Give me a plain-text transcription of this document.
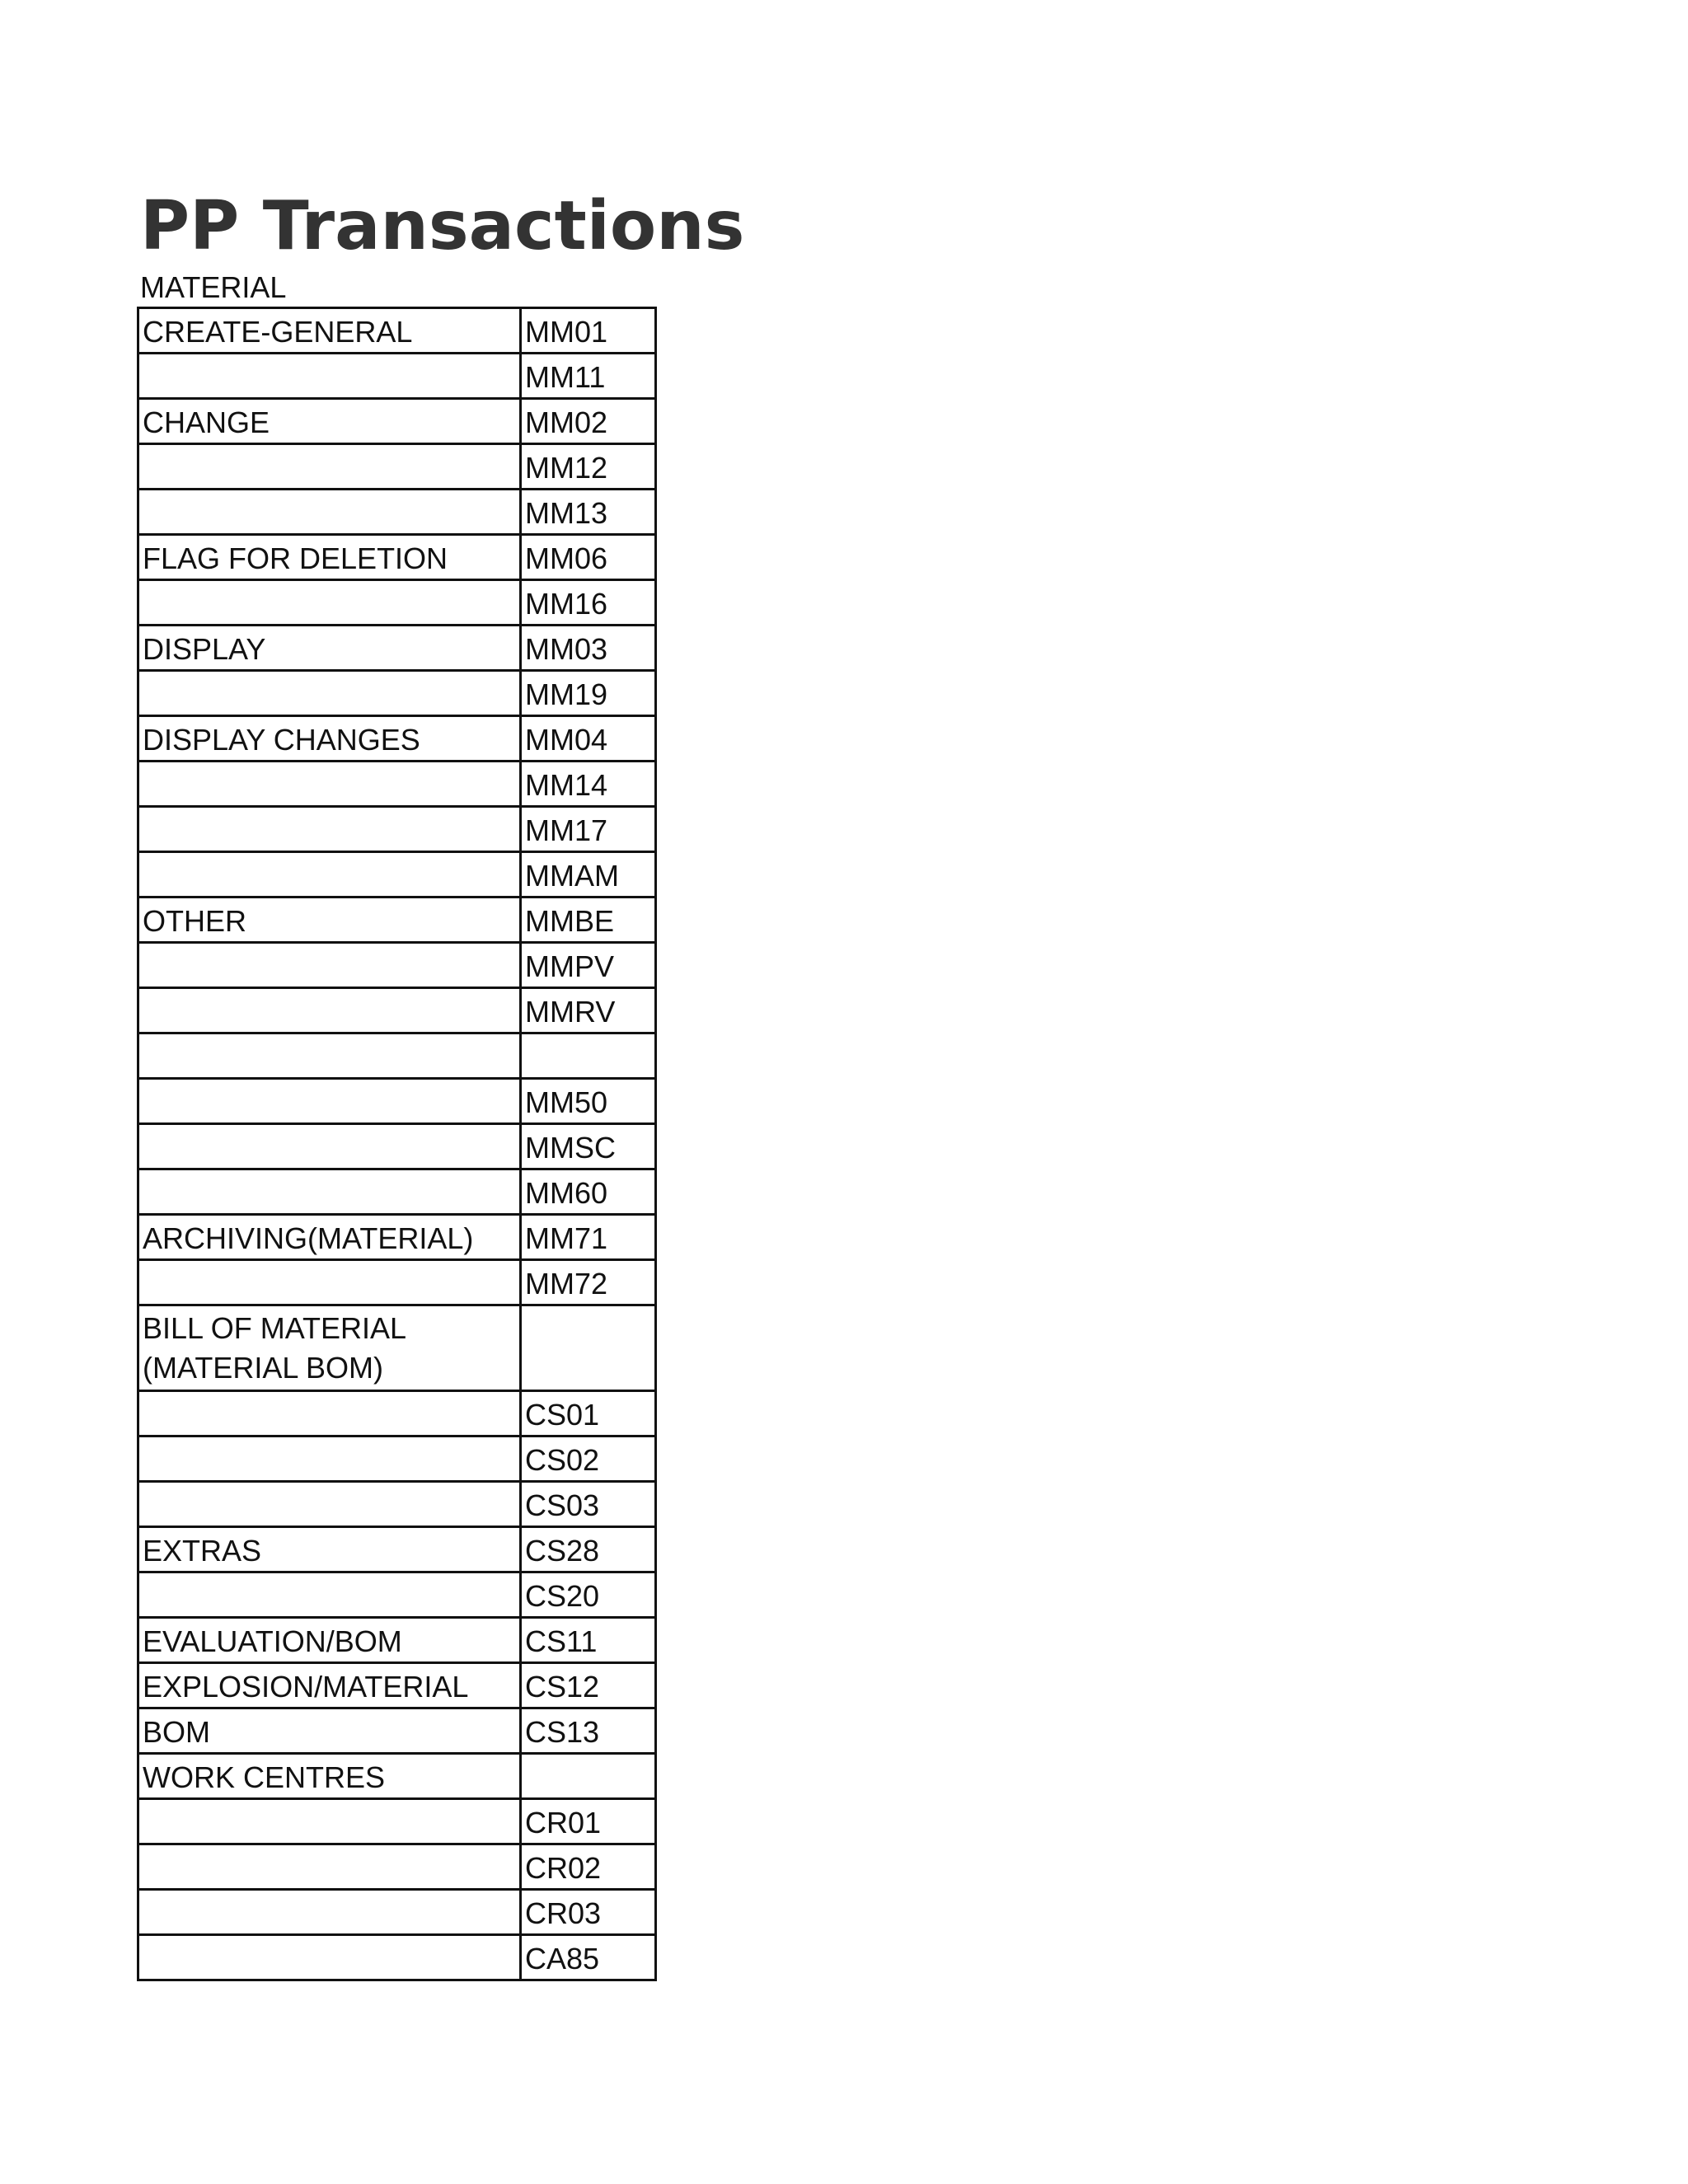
PP Transactions
MATERIAL
CREATE-GENERAL	MM01
	MM11
CHANGE	MM02
	MM12
	MM13
FLAG FOR DELETION	MM06
	MM16
DISPLAY	MM03
	MM19
DISPLAY CHANGES	MM04
	MM14
	MM17
	MMAM
OTHER	MMBE
	MMPV
	MMRV

	MM50
	MMSC
	MM60
ARCHIVING(MATERIAL)	MM71
	MM72
BILL OF MATERIAL (MATERIAL BOM)	
	CS01
	CS02
	CS03
EXTRAS	CS28
	CS20
EVALUATION/BOM	CS11
EXPLOSION/MATERIAL	CS12
BOM	CS13
WORK CENTRES	
	CR01
	CR02
	CR03
	CA85
